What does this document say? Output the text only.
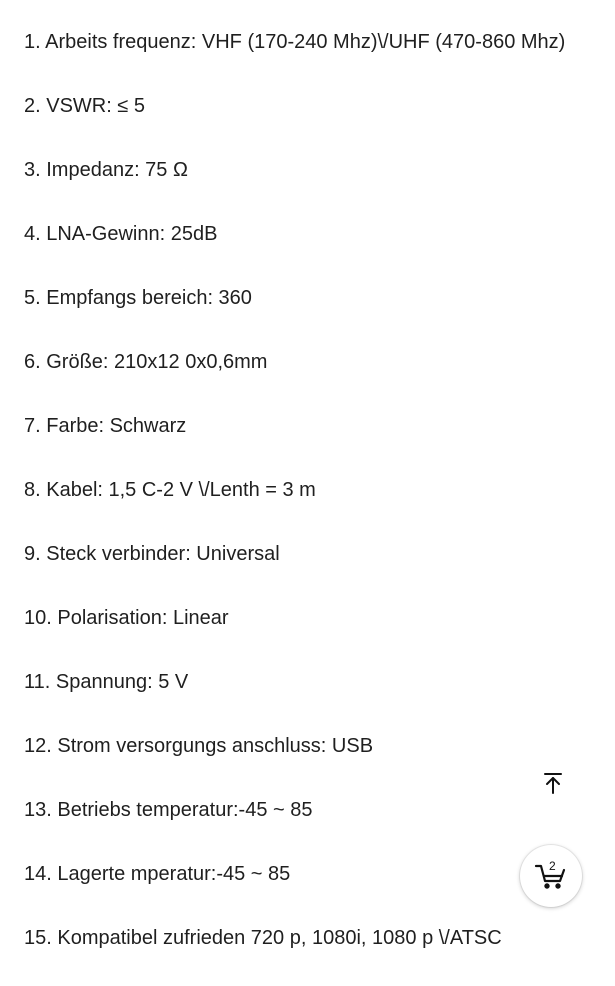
1. Arbeits frequenz: VHF (170-240 Mhz)\/UHF (470-860 Mhz)
2. VSWR: ≤ 5
3. Impedanz: 75 Ω
4. LNA-Gewinn: 25dB
5. Empfangs bereich: 360
6. Größe: 210x12 0x0,6mm
7. Farbe: Schwarz
8. Kabel: 1,5 C-2 V \/Lenth = 3 m
9. Steck verbinder: Universal
10. Polarisation: Linear
11. Spannung: 5 V
12. Strom versorgungs anschluss: USB
13. Betriebs temperatur:-45 ~ 85
14. Lagerte mperatur:-45 ~ 85
15. Kompatibel zufrieden 720 p, 1080i, 1080 p \/ATSC
2
